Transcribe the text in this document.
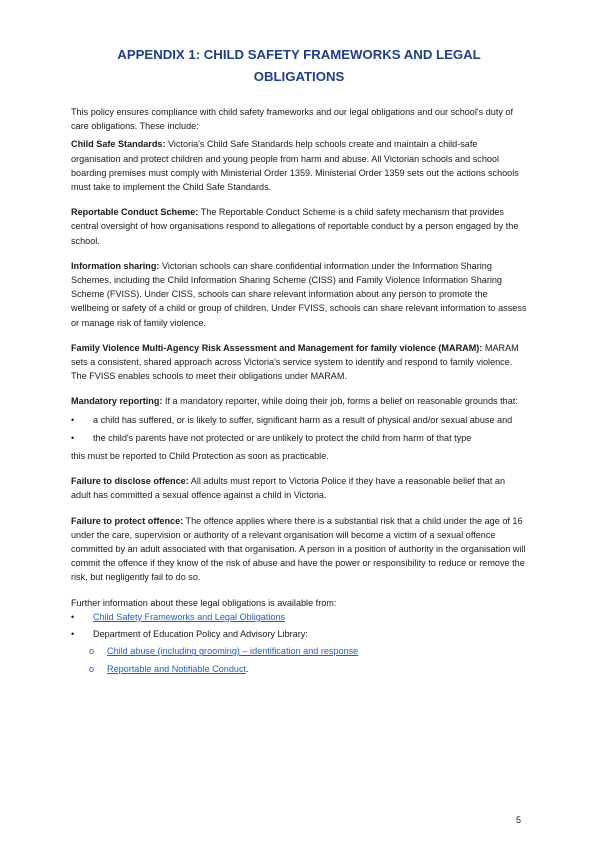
APPENDIX 1: CHILD SAFETY FRAMEWORKS AND LEGAL OBLIGATIONS

This policy ensures compliance with child safety frameworks and our legal obligations and our school's duty of care obligations. These include:

Child Safe Standards: Victoria's Child Safe Standards help schools create and maintain a child-safe organisation and protect children and young people from harm and abuse. All Victorian schools and school boarding premises must comply with Ministerial Order 1359. Ministerial Order 1359 sets out the actions schools must take to implement the Child Safe Standards.

Reportable Conduct Scheme: The Reportable Conduct Scheme is a child safety mechanism that provides central oversight of how organisations respond to allegations of reportable conduct by a person engaged by the school.

Information sharing: Victorian schools can share confidential information under the Information Sharing Schemes, including the Child Information Sharing Scheme (CISS) and Family Violence Information Sharing Scheme (FVISS). Under CISS, schools can share relevant information about any person to promote the wellbeing or safety of a child or group of children. Under FVISS, schools can share relevant information to assess or manage risk of family violence.

Family Violence Multi-Agency Risk Assessment and Management for family violence (MARAM): MARAM sets a consistent, shared approach across Victoria's service system to identify and respond to family violence. The FVISS enables schools to meet their obligations under MARAM.

Mandatory reporting: If a mandatory reporter, while doing their job, forms a belief on reasonable grounds that:

• a child has suffered, or is likely to suffer, significant harm as a result of physical and/or sexual abuse and
• the child's parents have not protected or are unlikely to protect the child from harm of that type

this must be reported to Child Protection as soon as practicable.

Failure to disclose offence: All adults must report to Victoria Police if they have a reasonable belief that an adult has committed a sexual offence against a child in Victoria.

Failure to protect offence: The offence applies where there is a substantial risk that a child under the age of 16 under the care, supervision or authority of a relevant organisation will become a victim of a sexual offence committed by an adult associated with that organisation. A person in a position of authority in the organisation will commit the offence if they know of the risk of abuse and have the power or responsibility to reduce or remove the risk, but negligently fail to do so.

Further information about these legal obligations is available from:

• Child Safety Frameworks and Legal Obligations
• Department of Education Policy and Advisory Library:
o Child abuse (including grooming) – identification and response
o Reportable and Notifiable Conduct.
5
